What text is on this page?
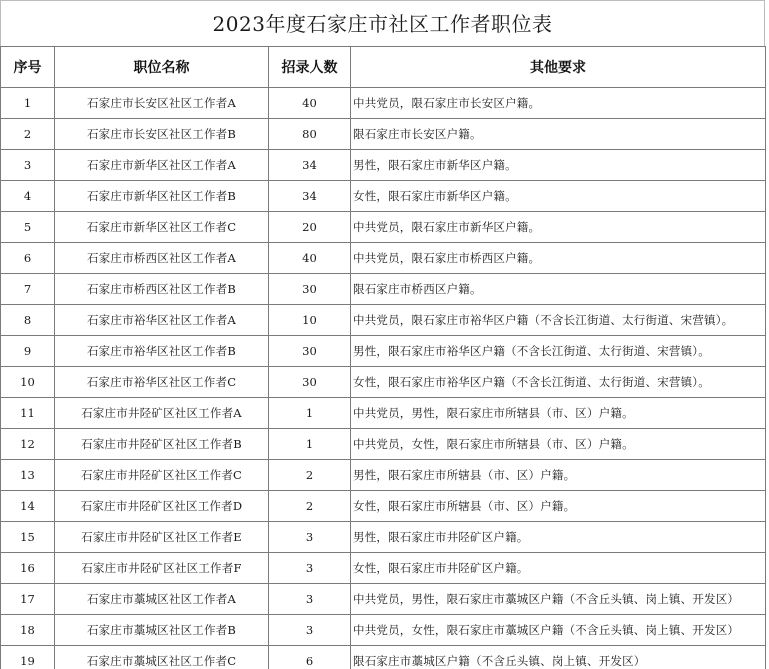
2023年度石家庄市社区工作者职位表
序号	职位名称	招录人数	其他要求
1	石家庄市长安区社区工作者A	40	中共党员，限石家庄市长安区户籍。
2	石家庄市长安区社区工作者B	80	限石家庄市长安区户籍。
3	石家庄市新华区社区工作者A	34	男性，限石家庄市新华区户籍。
4	石家庄市新华区社区工作者B	34	女性，限石家庄市新华区户籍。
5	石家庄市新华区社区工作者C	20	中共党员，限石家庄市新华区户籍。
6	石家庄市桥西区社区工作者A	40	中共党员，限石家庄市桥西区户籍。
7	石家庄市桥西区社区工作者B	30	限石家庄市桥西区户籍。
8	石家庄市裕华区社区工作者A	10	中共党员，限石家庄市裕华区户籍（不含长江街道、太行街道、宋营镇）。
9	石家庄市裕华区社区工作者B	30	男性，限石家庄市裕华区户籍（不含长江街道、太行街道、宋营镇）。
10	石家庄市裕华区社区工作者C	30	女性，限石家庄市裕华区户籍（不含长江街道、太行街道、宋营镇）。
11	石家庄市井陉矿区社区工作者A	1	中共党员，男性，限石家庄市所辖县（市、区）户籍。
12	石家庄市井陉矿区社区工作者B	1	中共党员，女性，限石家庄市所辖县（市、区）户籍。
13	石家庄市井陉矿区社区工作者C	2	男性，限石家庄市所辖县（市、区）户籍。
14	石家庄市井陉矿区社区工作者D	2	女性，限石家庄市所辖县（市、区）户籍。
15	石家庄市井陉矿区社区工作者E	3	男性，限石家庄市井陉矿区户籍。
16	石家庄市井陉矿区社区工作者F	3	女性，限石家庄市井陉矿区户籍。
17	石家庄市藁城区社区工作者A	3	中共党员，男性，限石家庄市藁城区户籍（不含丘头镇、岗上镇、开发区）
18	石家庄市藁城区社区工作者B	3	中共党员，女性，限石家庄市藁城区户籍（不含丘头镇、岗上镇、开发区）
19	石家庄市藁城区社区工作者C	6	限石家庄市藁城区户籍（不含丘头镇、岗上镇、开发区）
